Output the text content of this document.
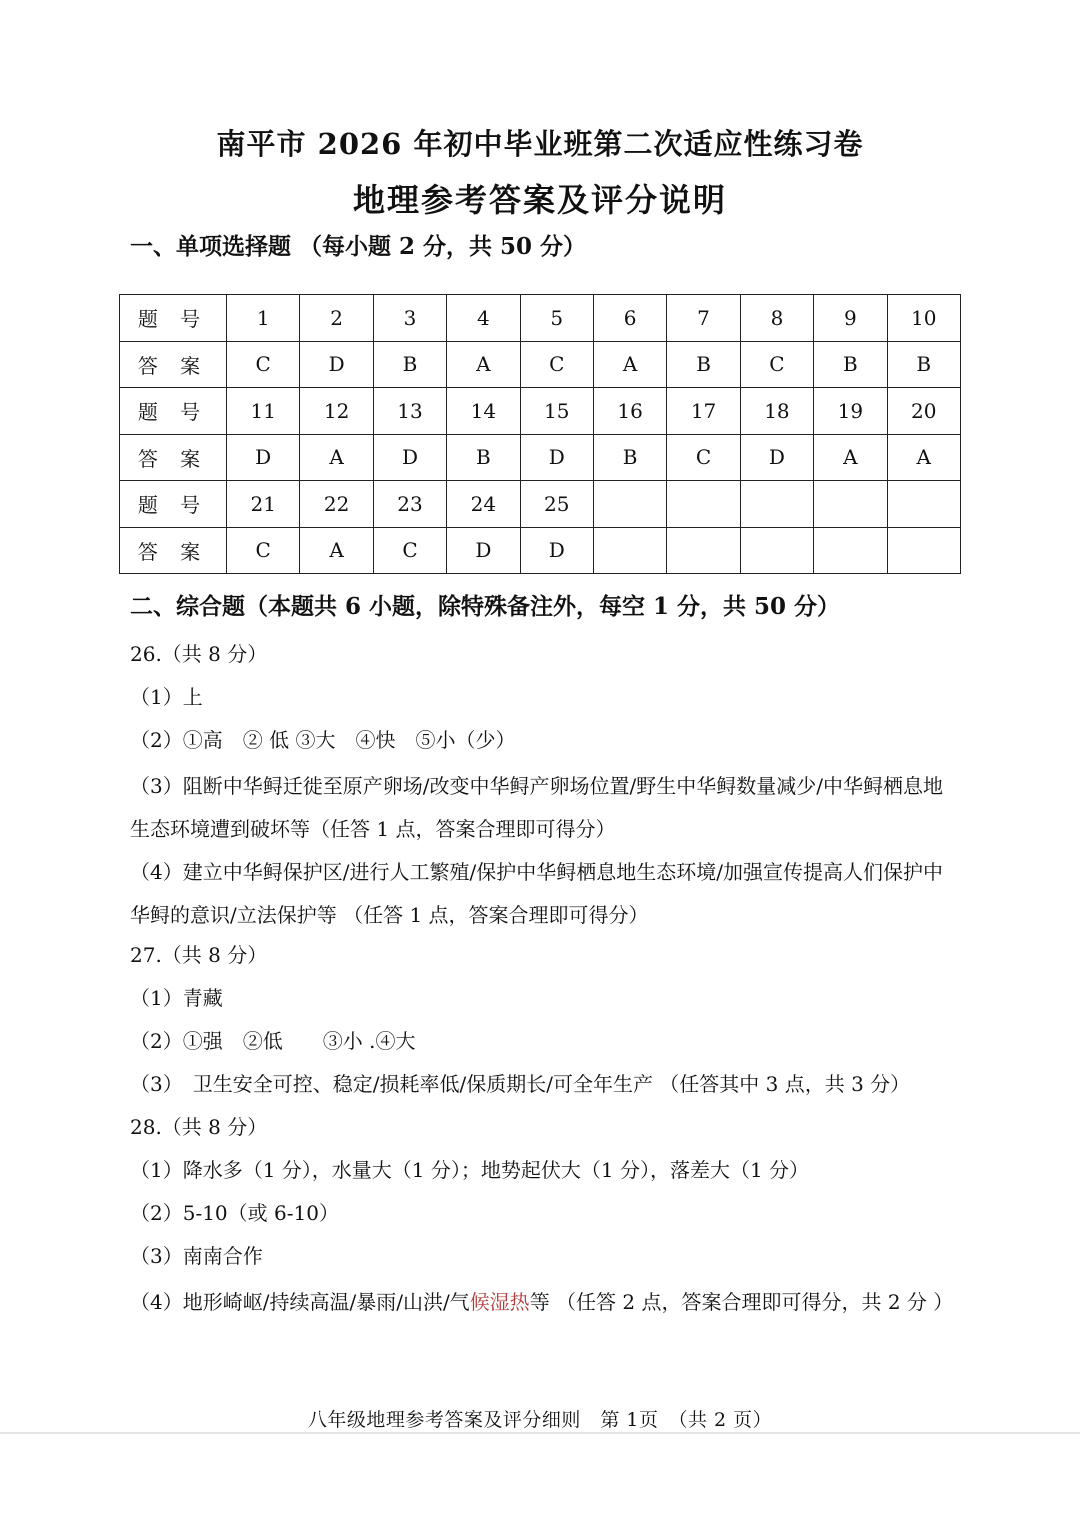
南平市 2026 年初中毕业班第二次适应性练习卷
地理参考答案及评分说明
一、单项选择题 （每小题 2 分，共 50 分）
题 号	1	2	3	4	5	6	7	8	9	10
答 案	C	D	B	A	C	A	B	C	B	B
题 号	11	12	13	14	15	16	17	18	19	20
答 案	D	A	D	B	D	B	C	D	A	A
题 号	21	22	23	24	25					
答 案	C	A	C	D	D					
二、综合题（本题共 6 小题，除特殊备注外，每空 1 分，共 50 分）
26.（共 8 分）
（1）上
（2）①高　② 低 ③大　④快　⑤小（少）
（3）阻断中华鲟迁徙至原产卵场/改变中华鲟产卵场位置/野生中华鲟数量减少/中华鲟栖息地生态环境遭到破坏等（任答 1 点，答案合理即可得分）
（4）建立中华鲟保护区/进行人工繁殖/保护中华鲟栖息地生态环境/加强宣传提高人们保护中华鲟的意识/立法保护等 （任答 1 点，答案合理即可得分）
27.（共 8 分）
（1）青藏
（2）①强　②低　　③小 .④大
（3）　卫生安全可控、稳定/损耗率低/保质期长/可全年生产 （任答其中 3 点，共 3 分）
28.（共 8 分）
（1）降水多（1 分），水量大（1 分）；地势起伏大（1 分），落差大（1 分）
（2）5-10（或 6-10）
（3）南南合作
（4）地形崎岖/持续高温/暴雨/山洪/气候湿热等 （任答 2 点，答案合理即可得分，共 2 分 ）
八年级地理参考答案及评分细则　第 1页　（共 2 页）
